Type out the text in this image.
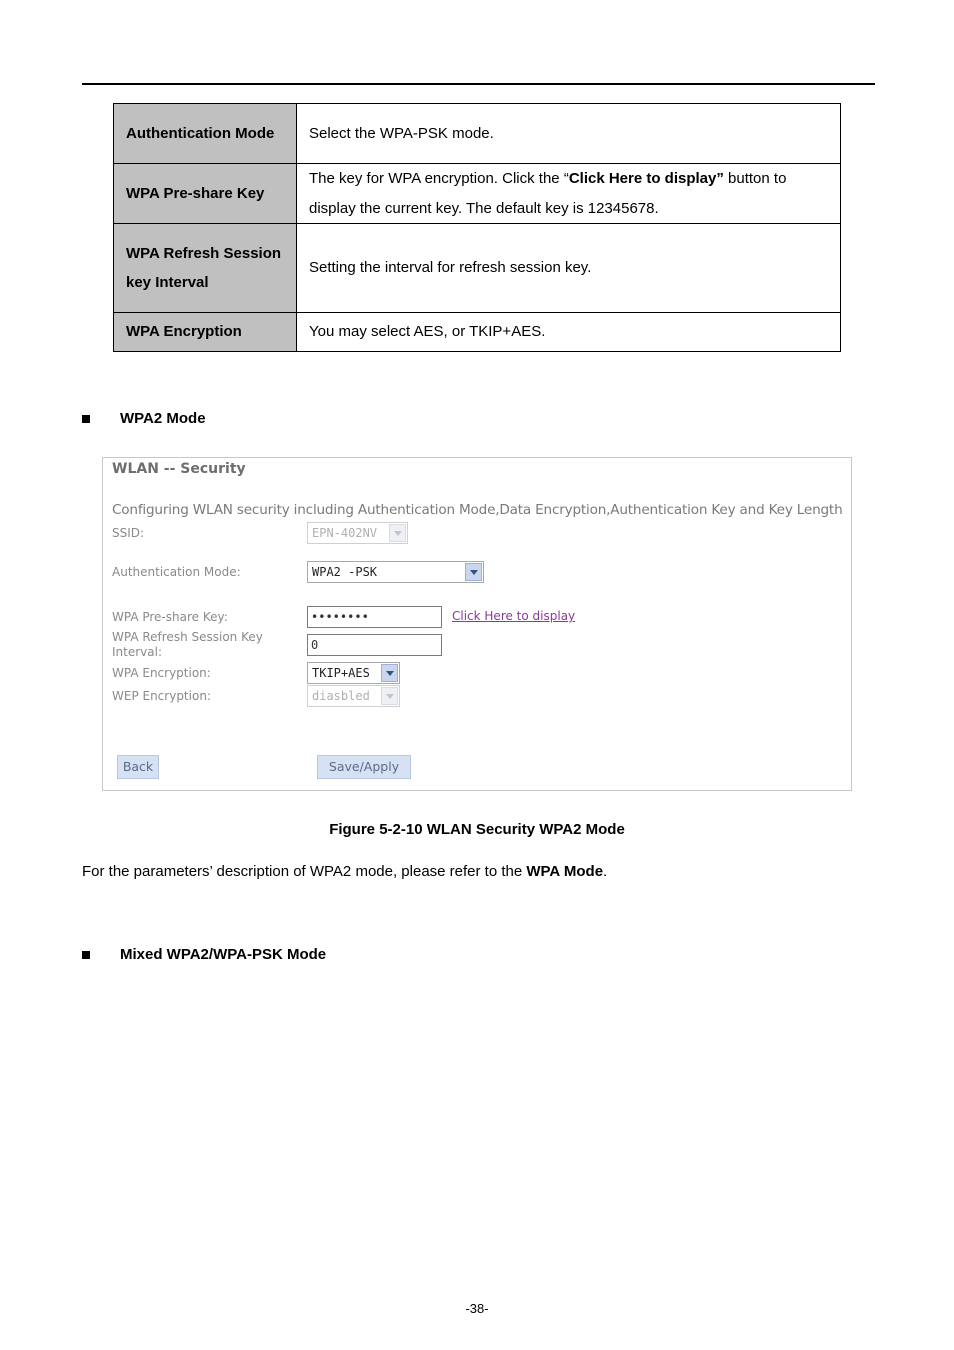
Authentication Mode	Select the WPA-PSK mode.
WPA Pre-share Key	The key for WPA encryption. Click the “Click Here to display” button to display the current key. The default key is 12345678.
WPA Refresh Session key Interval	Setting the interval for refresh session key.
WPA Encryption	You may select AES, or TKIP+AES.
WPA2 Mode
WLAN -- Security
Configuring WLAN security including Authentication Mode,Data Encryption,Authentication Key and Key Length
SSID:	EPN-402NV
Authentication Mode:	WPA2 -PSK
WPA Pre-share Key:	••••••••	Click Here to display
WPA Refresh Session Key Interval:	0
WPA Encryption:	TKIP+AES
WEP Encryption:	diasbled
Back	Save/Apply
Figure 5-2-10 WLAN Security WPA2 Mode
For the parameters’ description of WPA2 mode, please refer to the WPA Mode.
Mixed WPA2/WPA-PSK Mode
-38-
